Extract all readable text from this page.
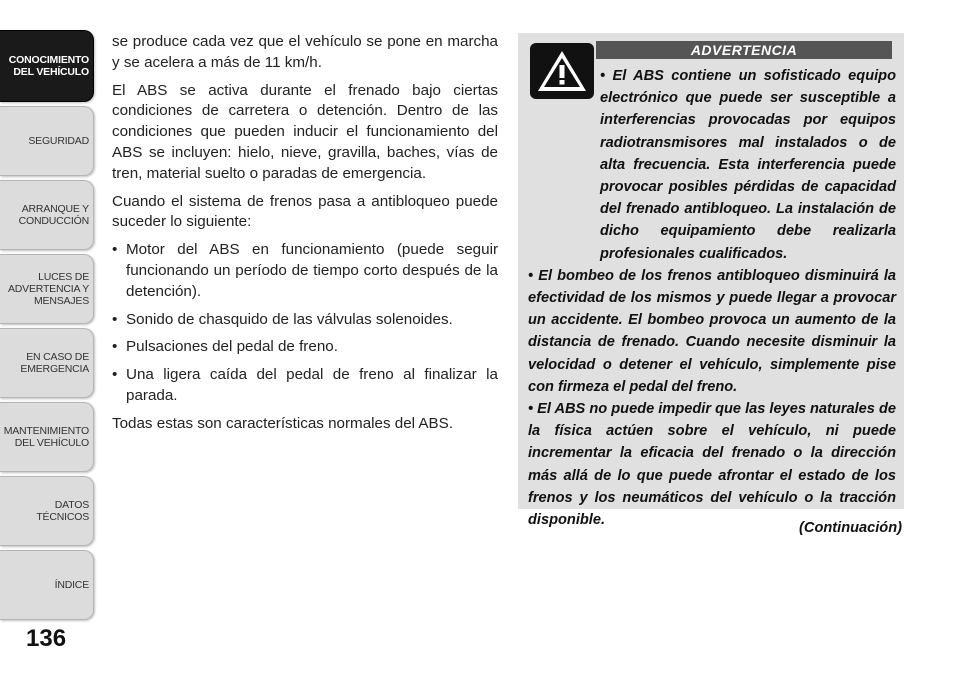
CONOCIMIENTO
DEL VEHÍCULO
SEGURIDAD
ARRANQUE Y
CONDUCCIÓN
LUCES DE
ADVERTENCIA Y
MENSAJES
EN CASO DE
EMERGENCIA
MANTENIMIENTO
DEL VEHÍCULO
DATOS
TÉCNICOS
ÍNDICE
136

se produce cada vez que el vehículo se pone en marcha y se acelera a más de 11 km/h.

El ABS se activa durante el frenado bajo ciertas condiciones de carretera o detención. Dentro de las condiciones que pueden inducir el funcionamiento del ABS se incluyen: hielo, nieve, gravilla, baches, vías de tren, material suelto o paradas de emergencia.

Cuando el sistema de frenos pasa a antibloqueo puede suceder lo siguiente:

• Motor del ABS en funcionamiento (puede seguir funcionando un período de tiempo corto después de la detención).
• Sonido de chasquido de las válvulas solenoides.
• Pulsaciones del pedal de freno.
• Una ligera caída del pedal de freno al finalizar la parada.

Todas estas son características normales del ABS.

ADVERTENCIA

• El ABS contiene un sofisticado equipo electrónico que puede ser susceptible a interferencias provocadas por equipos radiotransmisores mal instalados o de alta frecuencia. Esta interferencia puede provocar posibles pérdidas de capacidad del frenado antibloqueo. La instalación de dicho equipamiento debe realizarla profesionales cualificados.

• El bombeo de los frenos antibloqueo disminuirá la efectividad de los mismos y puede llegar a provocar un accidente. El bombeo provoca un aumento de la distancia de frenado. Cuando necesite disminuir la velocidad o detener el vehículo, simplemente pise con firmeza el pedal del freno.

• El ABS no puede impedir que las leyes naturales de la física actúen sobre el vehículo, ni puede incrementar la eficacia del frenado o la dirección más allá de lo que puede afrontar el estado de los frenos y los neumáticos del vehículo o la tracción disponible.	(Continuación)
